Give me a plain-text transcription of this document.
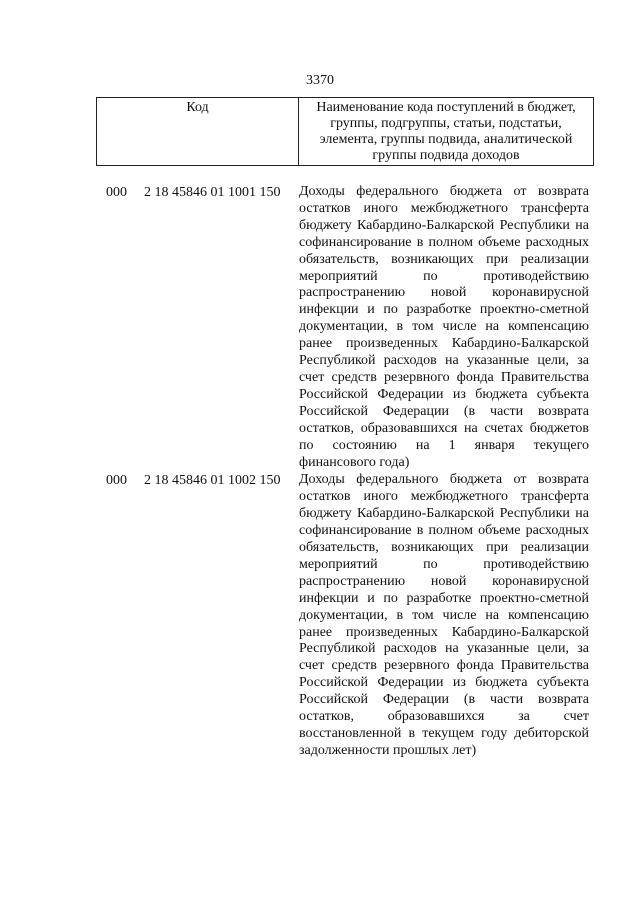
3370
Код	Наименование кода поступлений в бюджет, группы, подгруппы, статьи, подстатьи, элемента, группы подвида, аналитической группы подвида доходов
000 2 18 45846 01 1001 150 Доходы федерального бюджета от возврата остатков иного межбюджетного трансферта бюджету Кабардино-Балкарской Республики на софинансирование в полном объеме расходных обязательств, возникающих при реализации мероприятий по противодействию распространению новой коронавирусной инфекции и по разработке проектно-сметной документации, в том числе на компенсацию ранее произведенных Кабардино-Балкарской Республикой расходов на указанные цели, за счет средств резервного фонда Правительства Российской Федерации из бюджета субъекта Российской Федерации (в части возврата остатков, образовавшихся на счетах бюджетов по состоянию на 1 января текущего финансового года)
000 2 18 45846 01 1002 150 Доходы федерального бюджета от возврата остатков иного межбюджетного трансферта бюджету Кабардино-Балкарской Республики на софинансирование в полном объеме расходных обязательств, возникающих при реализации мероприятий по противодействию распространению новой коронавирусной инфекции и по разработке проектно-сметной документации, в том числе на компенсацию ранее произведенных Кабардино-Балкарской Республикой расходов на указанные цели, за счет средств резервного фонда Правительства Российской Федерации из бюджета субъекта Российской Федерации (в части возврата остатков, образовавшихся за счет восстановленной в текущем году дебиторской задолженности прошлых лет)
